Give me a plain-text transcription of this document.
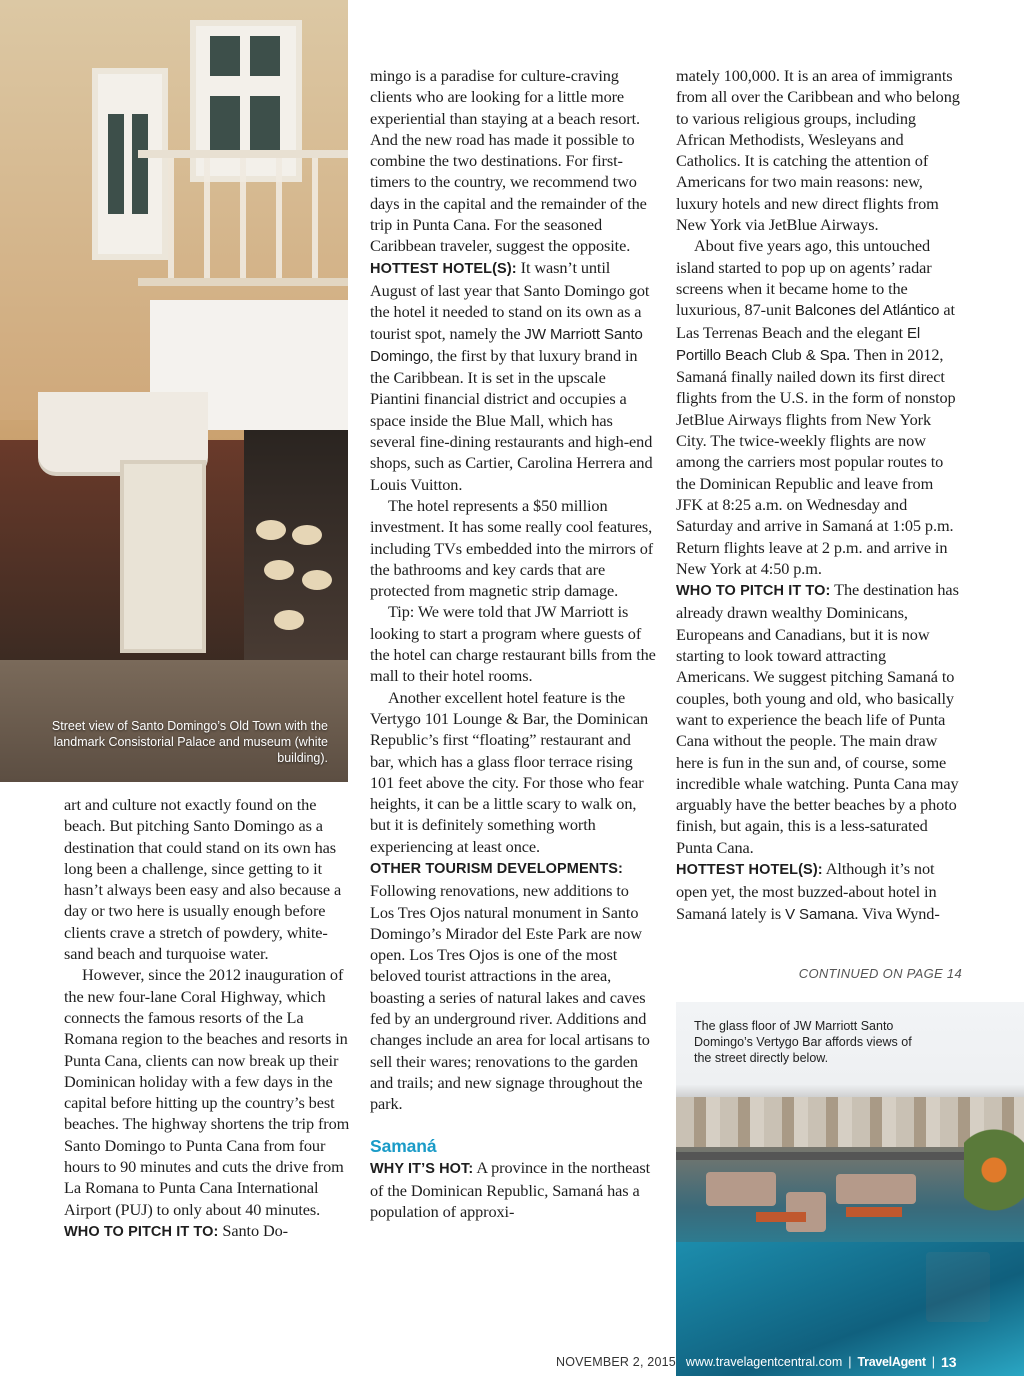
Street view of Santo Domingo’s Old Town with the landmark Consistorial Palace and museum (white building).

art and culture not exactly found on the beach. But pitching Santo Domingo as a destination that could stand on its own has long been a challenge, since getting to it hasn’t always been easy and also because a day or two here is usually enough before clients crave a stretch of powdery, white-sand beach and turquoise water.

However, since the 2012 inauguration of the new four-lane Coral Highway, which connects the famous resorts of the La Romana region to the beaches and resorts in Punta Cana, clients can now break up their Dominican holiday with a few days in the capital before hitting up the country’s best beaches. The highway shortens the trip from Santo Domingo to Punta Cana from four hours to 90 minutes and cuts the drive from La Romana to Punta Cana International Airport (PUJ) to only about 40 minutes.

WHO TO PITCH IT TO: Santo Do-

mingo is a paradise for culture-craving clients who are looking for a little more experiential than staying at a beach resort. And the new road has made it possible to combine the two destinations. For first-timers to the country, we recommend two days in the capital and the remainder of the trip in Punta Cana. For the seasoned Caribbean traveler, suggest the opposite.

HOTTEST HOTEL(S): It wasn’t until August of last year that Santo Domingo got the hotel it needed to stand on its own as a tourist spot, namely the JW Marriott Santo Domingo, the first by that luxury brand in the Caribbean. It is set in the upscale Piantini financial district and occupies a space inside the Blue Mall, which has several fine-dining restaurants and high-end shops, such as Cartier, Carolina Herrera and Louis Vuitton.

The hotel represents a $50 million investment. It has some really cool features, including TVs embedded into the mirrors of the bathrooms and key cards that are protected from magnetic strip damage.

Tip: We were told that JW Marriott is looking to start a program where guests of the hotel can charge restaurant bills from the mall to their hotel rooms.

Another excellent hotel feature is the Vertygo 101 Lounge & Bar, the Dominican Republic’s first “floating” restaurant and bar, which has a glass floor terrace rising 101 feet above the city. For those who fear heights, it can be a little scary to walk on, but it is definitely something worth experiencing at least once.

OTHER TOURISM DEVELOPMENTS:
Following renovations, new additions to Los Tres Ojos natural monument in Santo Domingo’s Mirador del Este Park are now open. Los Tres Ojos is one of the most beloved tourist attractions in the area, boasting a series of natural lakes and caves fed by an underground river. Additions and changes include an area for local artisans to sell their wares; renovations to the garden and trails; and new signage throughout the park.

Samaná

WHY IT’S HOT: A province in the northeast of the Dominican Republic, Samaná has a population of approxi-

mately 100,000. It is an area of immigrants from all over the Caribbean and who belong to various religious groups, including African Methodists, Wesleyans and Catholics. It is catching the attention of Americans for two main reasons: new, luxury hotels and new direct flights from New York via JetBlue Airways.

About five years ago, this untouched island started to pop up on agents’ radar screens when it became home to the luxurious, 87-unit Balcones del Atlántico at Las Terrenas Beach and the elegant El Portillo Beach Club & Spa. Then in 2012, Samaná finally nailed down its first direct flights from the U.S. in the form of nonstop JetBlue Airways flights from New York City. The twice-weekly flights are now among the carriers most popular routes to the Dominican Republic and leave from JFK at 8:25 a.m. on Wednesday and Saturday and arrive in Samaná at 1:05 p.m. Return flights leave at 2 p.m. and arrive in New York at 4:50 p.m.

WHO TO PITCH IT TO: The destination has already drawn wealthy Dominicans, Europeans and Canadians, but it is now starting to look toward attracting Americans. We suggest pitching Samaná to couples, both young and old, who basically want to experience the beach life of Punta Cana without the people. The main draw here is fun in the sun and, of course, some incredible whale watching. Punta Cana may arguably have the better beaches by a photo finish, but again, this is a less-saturated Punta Cana.

HOTTEST HOTEL(S): Although it’s not open yet, the most buzzed-about hotel in Samaná lately is V Samana. Viva Wynd-

CONTINUED ON PAGE 14
The glass floor of JW Marriott Santo Domingo’s Vertygo Bar affords views of the street directly below.
NOVEMBER 2, 2015 www.travelagentcentral.com | TravelAgent | 13
